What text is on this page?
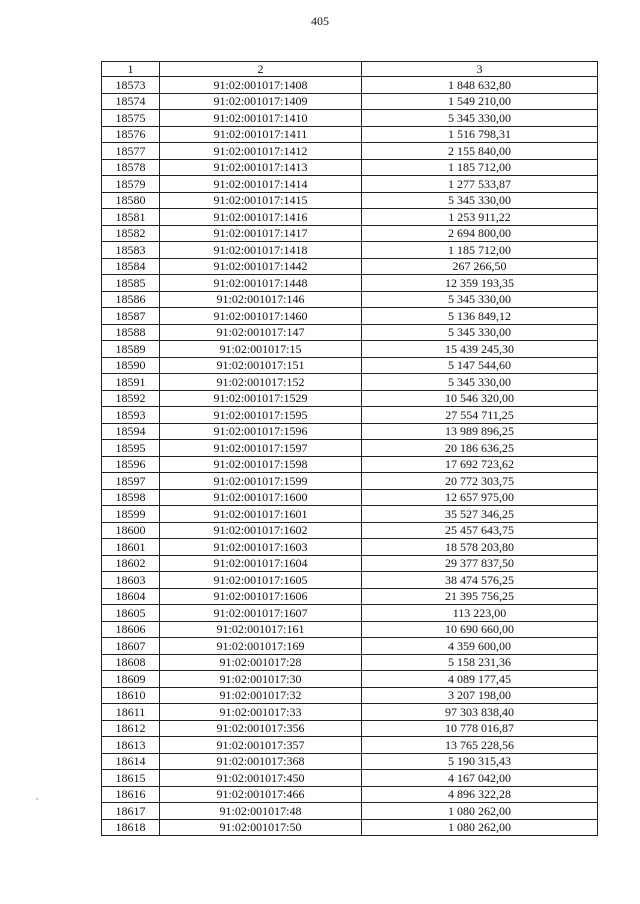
405
1	2	3
18573	91:02:001017:1408	1 848 632,80
18574	91:02:001017:1409	1 549 210,00
18575	91:02:001017:1410	5 345 330,00
18576	91:02:001017:1411	1 516 798,31
18577	91:02:001017:1412	2 155 840,00
18578	91:02:001017:1413	1 185 712,00
18579	91:02:001017:1414	1 277 533,87
18580	91:02:001017:1415	5 345 330,00
18581	91:02:001017:1416	1 253 911,22
18582	91:02:001017:1417	2 694 800,00
18583	91:02:001017:1418	1 185 712,00
18584	91:02:001017:1442	267 266,50
18585	91:02:001017:1448	12 359 193,35
18586	91:02:001017:146	5 345 330,00
18587	91:02:001017:1460	5 136 849,12
18588	91:02:001017:147	5 345 330,00
18589	91:02:001017:15	15 439 245,30
18590	91:02:001017:151	5 147 544,60
18591	91:02:001017:152	5 345 330,00
18592	91:02:001017:1529	10 546 320,00
18593	91:02:001017:1595	27 554 711,25
18594	91:02:001017:1596	13 989 896,25
18595	91:02:001017:1597	20 186 636,25
18596	91:02:001017:1598	17 692 723,62
18597	91:02:001017:1599	20 772 303,75
18598	91:02:001017:1600	12 657 975,00
18599	91:02:001017:1601	35 527 346,25
18600	91:02:001017:1602	25 457 643,75
18601	91:02:001017:1603	18 578 203,80
18602	91:02:001017:1604	29 377 837,50
18603	91:02:001017:1605	38 474 576,25
18604	91:02:001017:1606	21 395 756,25
18605	91:02:001017:1607	113 223,00
18606	91:02:001017:161	10 690 660,00
18607	91:02:001017:169	4 359 600,00
18608	91:02:001017:28	5 158 231,36
18609	91:02:001017:30	4 089 177,45
18610	91:02:001017:32	3 207 198,00
18611	91:02:001017:33	97 303 838,40
18612	91:02:001017:356	10 778 016,87
18613	91:02:001017:357	13 765 228,56
18614	91:02:001017:368	5 190 315,43
18615	91:02:001017:450	4 167 042,00
18616	91:02:001017:466	4 896 322,28
18617	91:02:001017:48	1 080 262,00
18618	91:02:001017:50	1 080 262,00
